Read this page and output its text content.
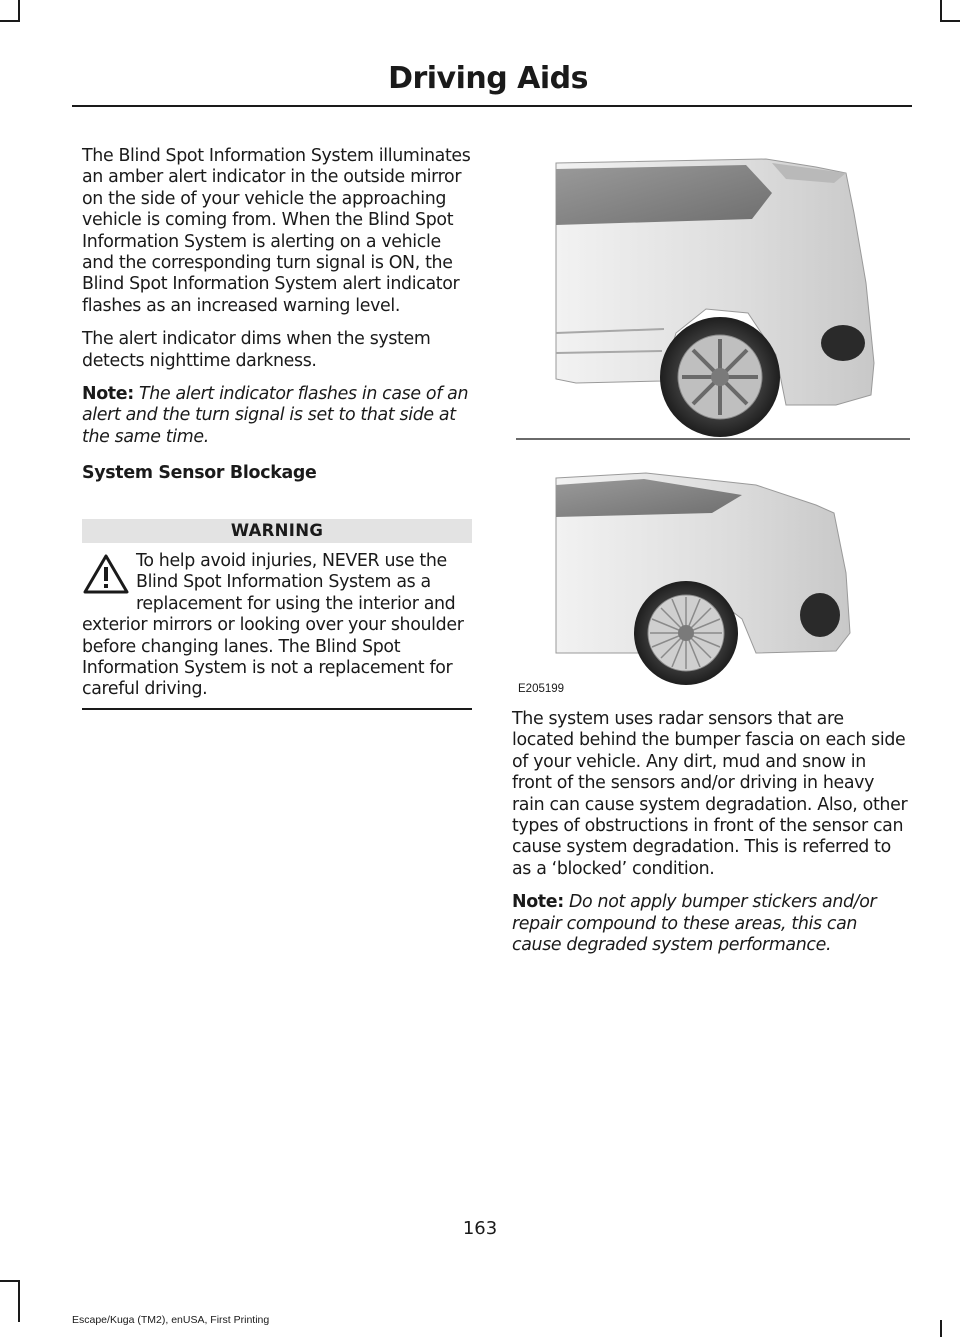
Driving Aids

The Blind Spot Information System illuminates an amber alert indicator in the outside mirror on the side of your vehicle the approaching vehicle is coming from. When the Blind Spot Information System is alerting on a vehicle and the corresponding turn signal is ON, the Blind Spot Information System alert indicator flashes as an increased warning level.

The alert indicator dims when the system detects nighttime darkness.

Note: The alert indicator flashes in case of an alert and the turn signal is set to that side at the same time.

System Sensor Blockage
WARNING

To help avoid injuries, NEVER use the Blind Spot Information System as a replacement for using the interior and exterior mirrors or looking over your shoulder before changing lanes. The Blind Spot Information System is not a replacement for careful driving.	E205199

The system uses radar sensors that are located behind the bumper fascia on each side of your vehicle. Any dirt, mud and snow in front of the sensors and/or driving in heavy rain can cause system degradation. Also, other types of obstructions in front of the sensor can cause system degradation. This is referred to as a ‘blocked’ condition.

Note: Do not apply bumper stickers and/or repair compound to these areas, this can cause degraded system performance.

163
Escape/Kuga (TM2), enUSA, First Printing
